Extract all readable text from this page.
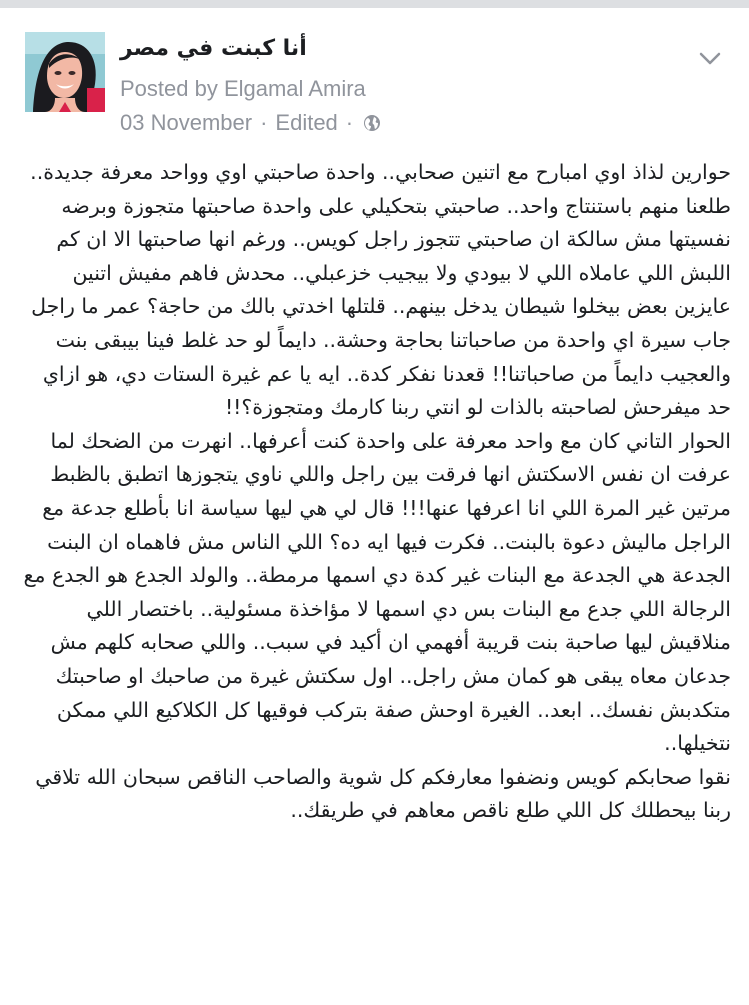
أنا كبنت في مصر
Posted by Elgamal Amira
03 November · Edited ·

حوارين لذاذ اوي امبارح مع اتنين صحابي.. واحدة صاحبتي اوي وواحد معرفة جديدة.. طلعنا منهم باستنتاج واحد.. صاحبتي بتحكيلي على واحدة صاحبتها متجوزة وبرضه نفسيتها مش سالكة ان صاحبتي تتجوز راجل كويس.. ورغم انها صاحبتها الا ان كم اللبش اللي عاملاه اللي لا بيودي ولا بيجيب خزعبلي.. محدش فاهم مفيش اتنين عايزين بعض بيخلوا شيطان يدخل بينهم.. قلتلها اخدتي بالك من حاجة؟ عمر ما راجل جاب سيرة اي واحدة من صاحباتنا بحاجة وحشة.. دايماً لو حد غلط فينا بيبقى بنت والعجيب دايماً من صاحباتنا!! قعدنا نفكر كدة.. ايه يا عم غيرة الستات دي، هو ازاي حد ميفرحش لصاحبته بالذات لو انتي ربنا كارمك ومتجوزة؟!!

الحوار التاني كان مع واحد معرفة على واحدة كنت أعرفها.. انهرت من الضحك لما عرفت ان نفس الاسكتش انها فرقت بين راجل واللي ناوي يتجوزها اتطبق بالظبط مرتين غير المرة اللي انا اعرفها عنها!!! قال لي هي ليها سياسة انا بأطلع جدعة مع الراجل ماليش دعوة بالبنت.. فكرت فيها ايه ده؟ اللي الناس مش فاهماه ان البنت الجدعة هي الجدعة مع البنات غير كدة دي اسمها مرمطة.. والولد الجدع هو الجدع مع الرجالة اللي جدع مع البنات بس دي اسمها لا مؤاخذة مسئولية.. باختصار اللي منلاقيش ليها صاحبة بنت قريبة أفهمي ان أكيد في سبب.. واللي صحابه كلهم مش جدعان معاه يبقى هو كمان مش راجل.. اول سكتش غيرة من صاحبك او صاحبتك متكدبش نفسك.. ابعد.. الغيرة اوحش صفة بتركب فوقيها كل الكلاكيع اللي ممكن نتخيلها..

نقوا صحابكم كويس ونضفوا معارفكم كل شوية والصاحب الناقص سبحان الله تلاقي ربنا بيحطلك كل اللي طلع ناقص معاهم في طريقك..
